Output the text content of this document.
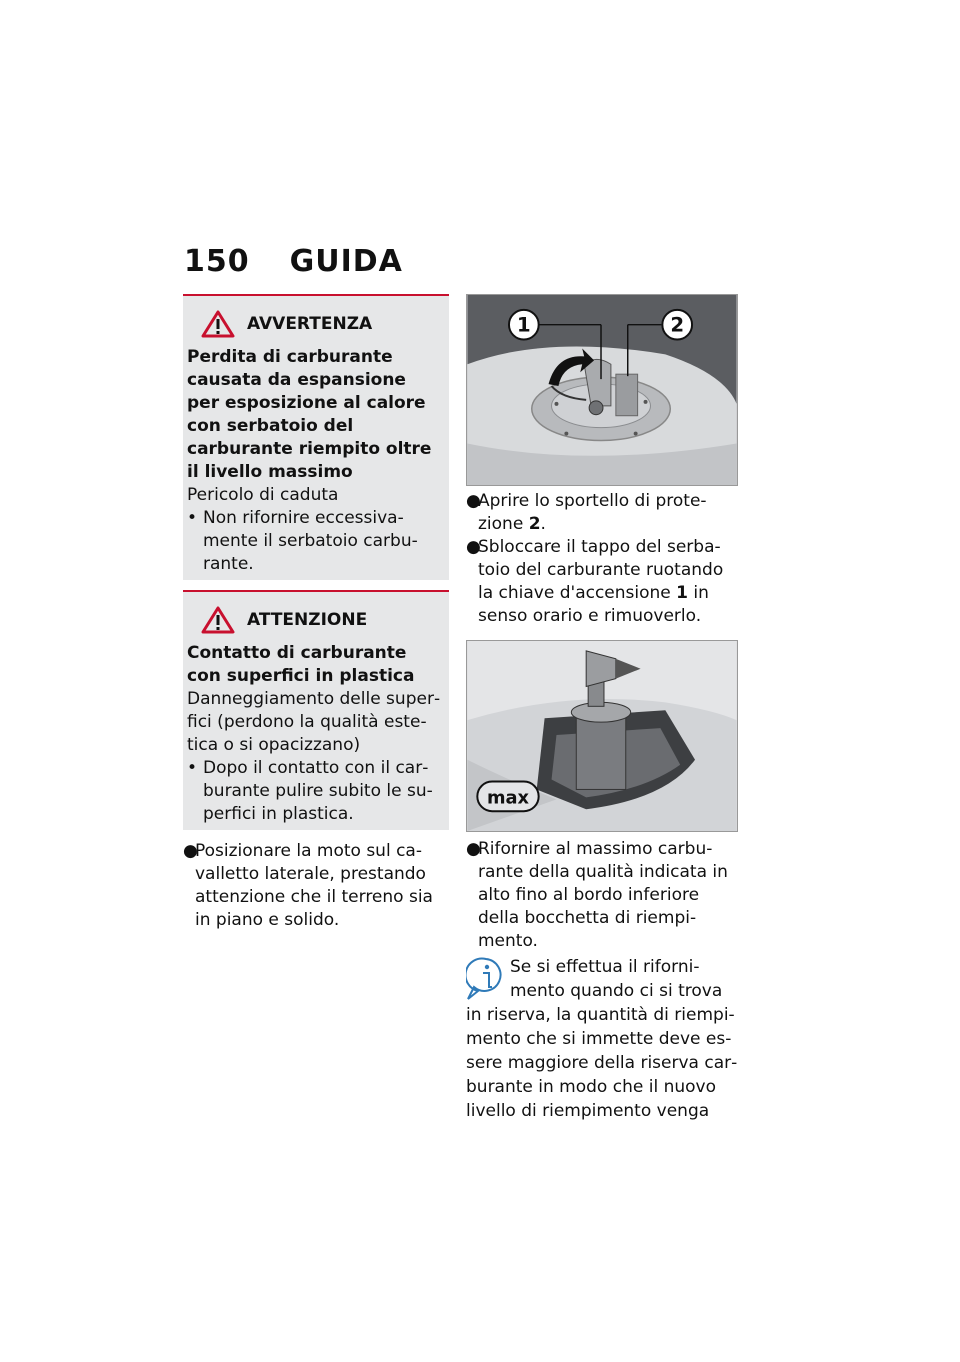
150 GUIDA
AVVERTENZA
Perdita di carburante causata da espansione per esposizione al calore con serbatoio del carburante riempito oltre il livello massimo
Pericolo di caduta
• Non rifornire eccessivamente il serbatoio carburante.
ATTENZIONE
Contatto di carburante con superfici in plastica
Danneggiamento delle superfici (perdono la qualità estetica o si opacizzano)
• Dopo il contatto con il carburante pulire subito le superfici in plastica.
●
Posizionare la moto sul cavalletto laterale, prestando attenzione che il terreno sia in piano e solido.
1	2
●
Aprire lo sportello di protezione 2.
●
Sbloccare il tappo del serbatoio del carburante ruotando la chiave d'accensione 1 in senso orario e rimuoverlo.
max
●
Rifornire al massimo carburante della qualità indicata in alto fino al bordo inferiore della bocchetta di riempimento.
Se si effettua il rifornimento quando ci si trova in riserva, la quantità di riempimento che si immette deve essere maggiore della riserva carburante in modo che il nuovo livello di riempimento venga
